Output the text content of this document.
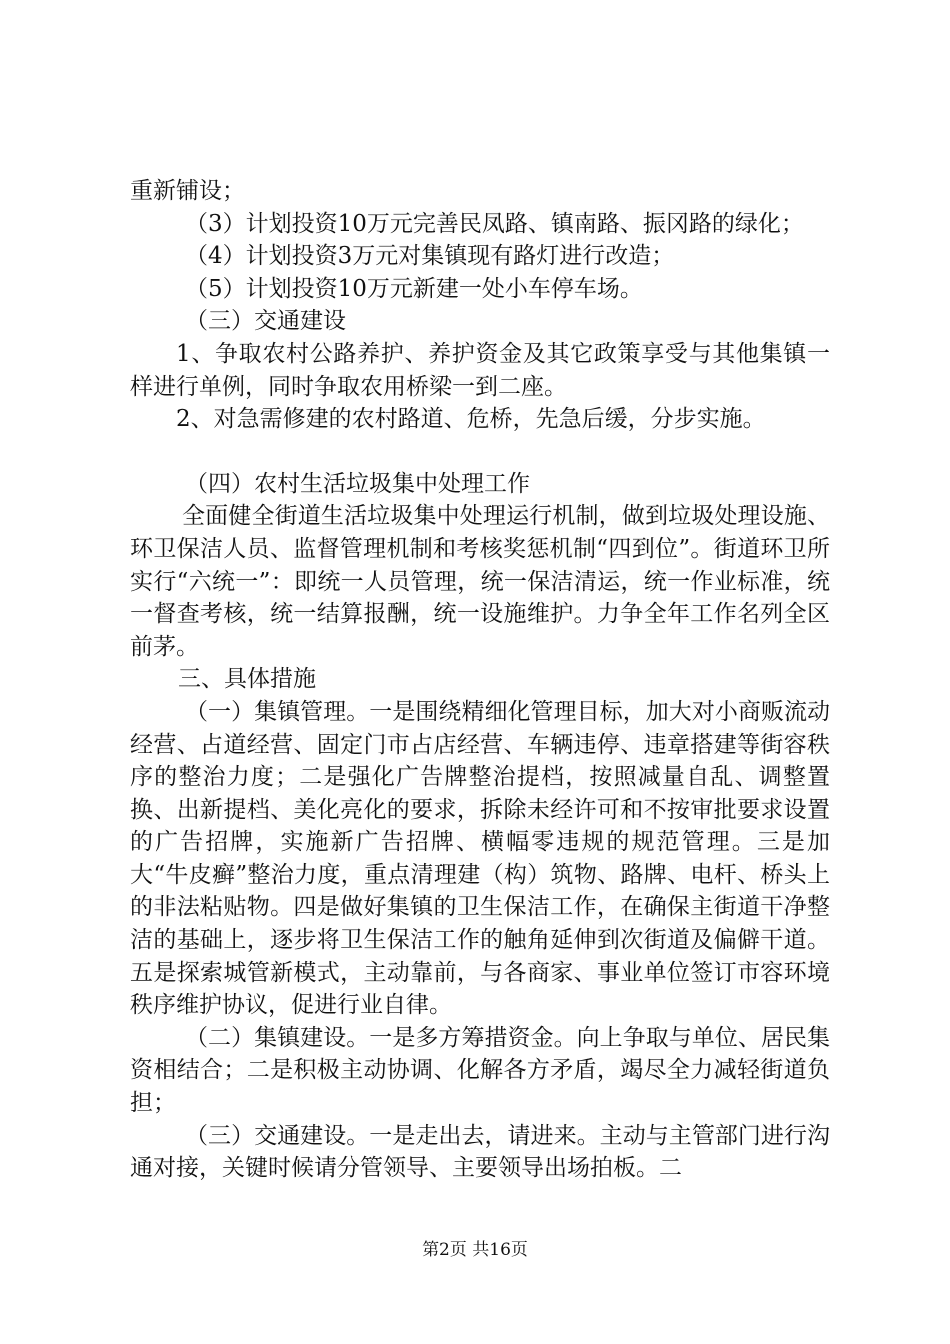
重新铺设；

（3）计划投资10万元完善民凤路、镇南路、振冈路的绿化；

（4）计划投资3万元对集镇现有路灯进行改造；

（5）计划投资10万元新建一处小车停车场。

（三）交通建设

1、争取农村公路养护、养护资金及其它政策享受与其他集镇一样进行单例，同时争取农用桥梁一到二座。

2、对急需修建的农村路道、危桥，先急后缓，分步实施。

（四）农村生活垃圾集中处理工作

全面健全街道生活垃圾集中处理运行机制，做到垃圾处理设施、环卫保洁人员、监督管理机制和考核奖惩机制“四到位”。街道环卫所实行“六统一”：即统一人员管理，统一保洁清运，统一作业标准，统一督查考核，统一结算报酬，统一设施维护。力争全年工作名列全区前茅。

三、具体措施

（一）集镇管理。一是围绕精细化管理目标，加大对小商贩流动经营、占道经营、固定门市占店经营、车辆违停、违章搭建等街容秩序的整治力度；二是强化广告牌整治提档，按照减量自乱、调整置换、出新提档、美化亮化的要求，拆除未经许可和不按审批要求设置的广告招牌，实施新广告招牌、横幅零违规的规范管理。三是加大“牛皮癣”整治力度，重点清理建（构）筑物、路牌、电杆、桥头上的非法粘贴物。四是做好集镇的卫生保洁工作，在确保主街道干净整洁的基础上，逐步将卫生保洁工作的触角延伸到次街道及偏僻干道。五是探索城管新模式，主动靠前，与各商家、事业单位签订市容环境秩序维护协议，促进行业自律。

（二）集镇建设。一是多方筹措资金。向上争取与单位、居民集资相结合；二是积极主动协调、化解各方矛盾，竭尽全力减轻街道负担；

（三）交通建设。一是走出去，请进来。主动与主管部门进行沟通对接，关键时候请分管领导、主要领导出场拍板。二

第2页 共16页
